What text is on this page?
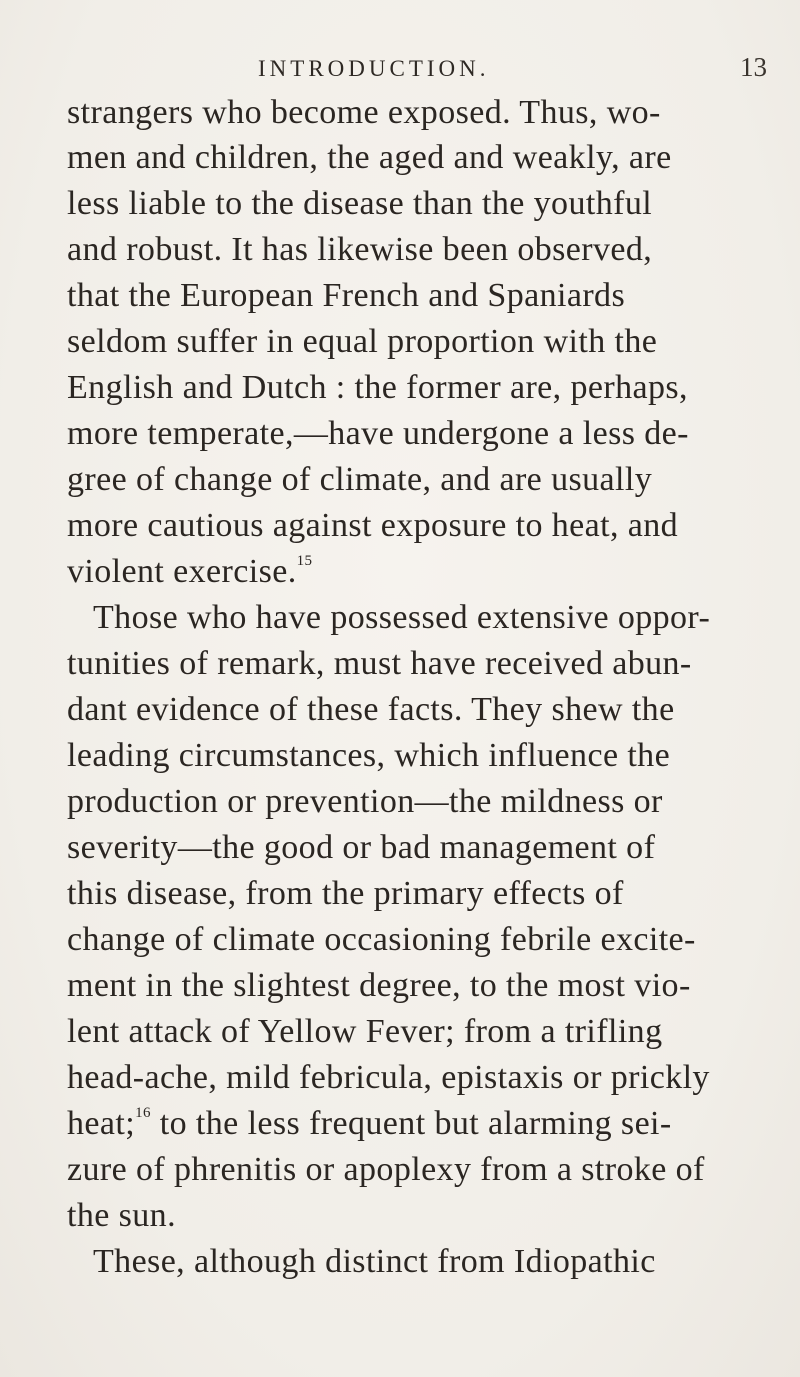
INTRODUCTION.	13
strangers who become exposed. Thus, wo-
men and children, the aged and weakly, are
less liable to the disease than the youthful
and robust. It has likewise been observed,
that the European French and Spaniards
seldom suffer in equal proportion with the
English and Dutch : the former are, perhaps,
more temperate,—have undergone a less de-
gree of change of climate, and are usually
more cautious against exposure to heat, and
violent exercise.$^{15}$
Those who have possessed extensive oppor-
tunities of remark, must have received abun-
dant evidence of these facts. They shew the
leading circumstances, which influence the
production or prevention—the mildness or
severity—the good or bad management of
this disease, from the primary effects of
change of climate occasioning febrile excite-
ment in the slightest degree, to the most vio-
lent attack of Yellow Fever; from a trifling
head-ache, mild febricula, epistaxis or prickly
heat;$^{16}$ to the less frequent but alarming sei-
zure of phrenitis or apoplexy from a stroke of
the sun.
These, although distinct from Idiopathic
